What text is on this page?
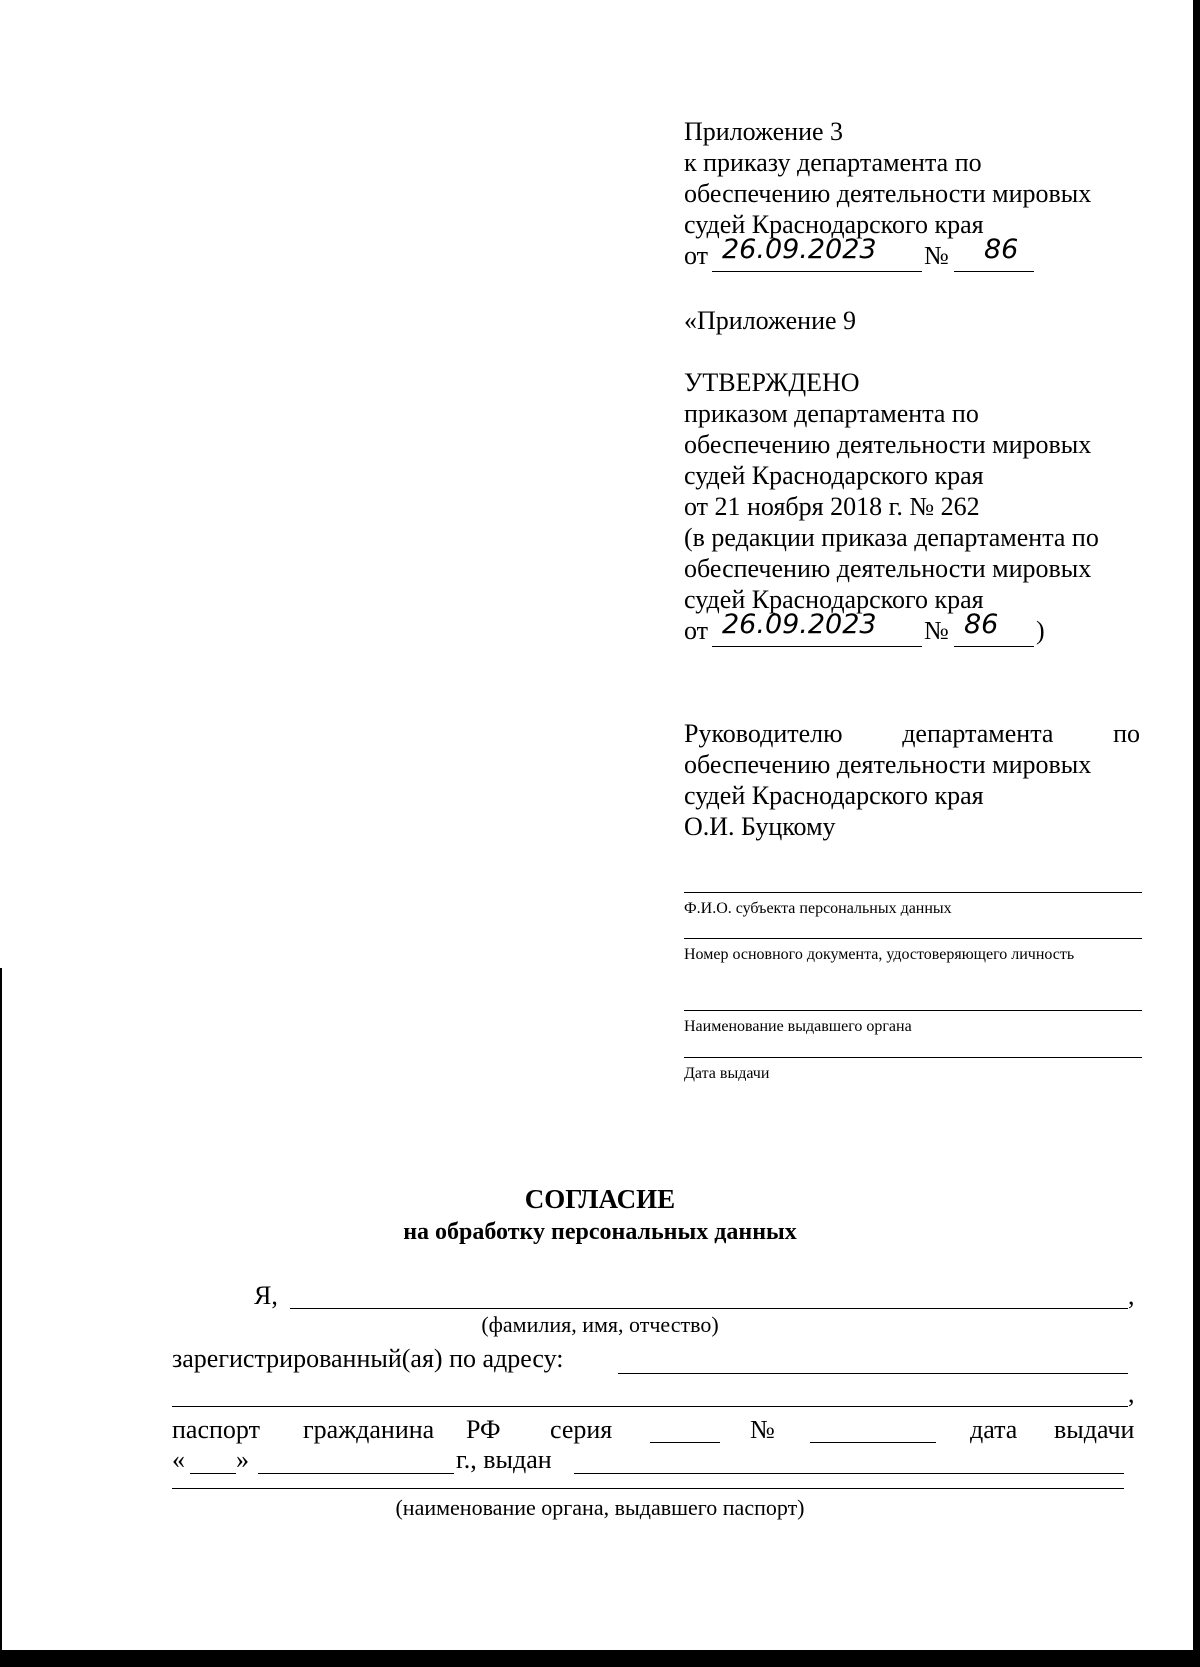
Приложение 3
к приказу департамента по
обеспечению деятельности мировых
судей Краснодарского края
от 26.09.2023 № 86
«Приложение 9
УТВЕРЖДЕНО
приказом департамента по
обеспечению деятельности мировых
судей Краснодарского края
от 21 ноября 2018 г. № 262
(в редакции приказа департамента по
обеспечению деятельности мировых
судей Краснодарского края
от 26.09.2023 № 86 )
Руководителю департамента по
обеспечению деятельности мировых
судей Краснодарского края
О.И. Буцкому
Ф.И.О. субъекта персональных данных
Номер основного документа, удостоверяющего личность
Наименование выдавшего органа
Дата выдачи
СОГЛАСИЕ
на обработку персональных данных
Я,	,
(фамилия, имя, отчество)
зарегистрированный(ая) по адресу:
,
паспорт гражданина РФ серия	№	дата выдачи
« »	г., выдан
(наименование органа, выдавшего паспорт)
